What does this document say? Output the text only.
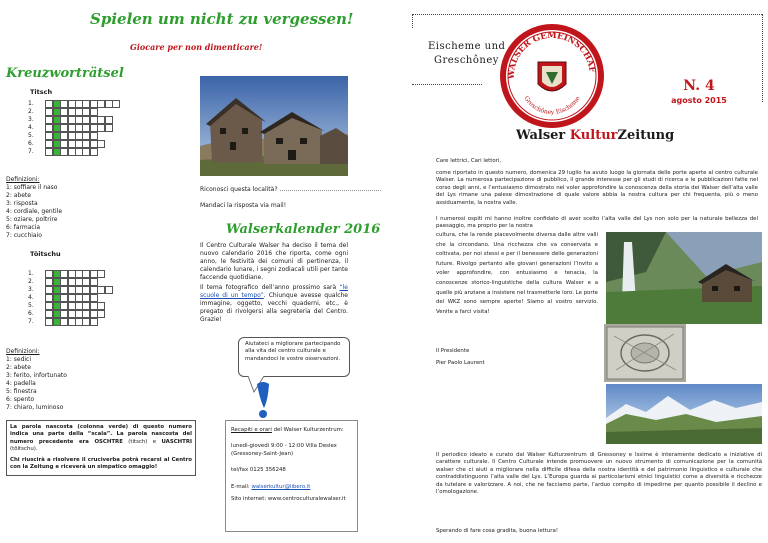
Spielen um nicht zu vergessen!
Giocare per non dimenticare!
Kreuzworträtsel
Titsch
Definizioni:
1: soffiare il naso
2: abete
3: risposta
4: cordiale, gentile
5: oziare, poltrire
6: farmacia
7: cucchiaio
Töitschu
Definizioni:
1: sedici
2: abete
3: ferito, infortunato
4: padella
5: finestra
6: spento
7: chiaro, luminoso
La parola nascosta (colonna verde) di questo numero indica una parte della “scala”. La parola nascosta del numero precedente era OSCHTRE (titsch) e UASCHTRI (töitschu).
Chi riuscirà a risolvere il cruciverba potrà recarsi al Centro con la Zeitung e riceverà un simpatico omaggio!
Riconosci questa località? ……………………………………………
Mandaci la risposta via mail!
Walserkalender 2016
Il Centro Culturale Walser ha deciso il tema del nuovo calendario 2016 che riporta, come ogni anno, le festività dei comuni di pertinenza, il calendario lunare, i segni zodiacali utili per tante faccende quotidiane.
Il tema fotografico dell’anno prossimo sarà “le scuole di un tempo”. Chiunque avesse qualche immagine, oggetto, vecchi quaderni, etc., è pregato di rivolgersi alla segreteria del Centro. Grazie!
Aiutateci a migliorare partecipando alla vita del centro culturale e mandandoci le vostre osservazioni.
Recapiti e orari del Walser Kulturzentrum:
lunedì-giovedì 9:00 - 12:00 Villa Deslex (Gressoney-Saint-Jean)
tel/fax 0125 356248
E-mail: walserkultur@libero.it
Sito internet: www.centroculturalewalser.it
Eischeme und
Greschôney
WALSER GEMEINSCHAF
Greschôney Eischeme
N. 4
agosto 2015
Walser KulturZeitung
Care lettrici, Cari lettori,
come riportato in questo numero, domenica 29 luglio ha avuto luogo la giornata delle porte aperte al centro culturale Walser. La numerosa partecipazione di pubblico, il grande interesse per gli studi di ricerca e le pubblicazioni fatte nel corso degli anni, e l’entusiasmo dimostrato nel voler approfondire la conoscenza della storia dei Walser dell’alta valle del Lys rimane una palese dimostrazione di quale valore abbia la nostra cultura per chi frequenta, più o meno assiduamente, la nostra valle.
I numerosi ospiti mi hanno inoltre confidato di aver scelto l’alta valle del Lys non solo per la naturale bellezza del paesaggio, ma proprio per la nostra
cultura, che la rende piacevolmente diversa dalle altre valli che la circondano. Una ricchezza che va conservata e coltivata, per noi stessi e per il benessere delle generazioni future. Rivolgo pertanto alle giovani generazioni l’invito a voler approfondire, con entusiasmo e tenacia, la conoscenze storico-linguistiche della cultura Walser e a quelle più anziane a insistere nel trasmetterle loro. Le porte del WKZ sono sempre aperte! Siamo al vostro servizio. Venite a farci visita!
Il Presidente
Pier Paolo Laurent
Il periodico ideato e curato dal Walser Kulturzentrum di Gressoney e Issime è interamente dedicato a iniziative di carattere culturale. Il Centro Culturale intende promuovere un nuovo strumento di comunicazione per la comunità walser che ci aiuti a migliorare nella difficile difesa della nostra identità e del patrimonio linguistico e culturale che contraddistinguono l’alta valle del Lys. L’Europa guarda ai particolarismi etnici linguistici come a diversità e ricchezze da tutelare e valorizzare. A noi, che ne facciamo parte, l’arduo compito di impedirne per quanto possibile il declino e l’omologazione.
Sperando di fare cosa gradita, buona lettura!
1.
2.
3.
4.
5.
6.
7.
1.
2.
3.
4.
5.
6.
7.
